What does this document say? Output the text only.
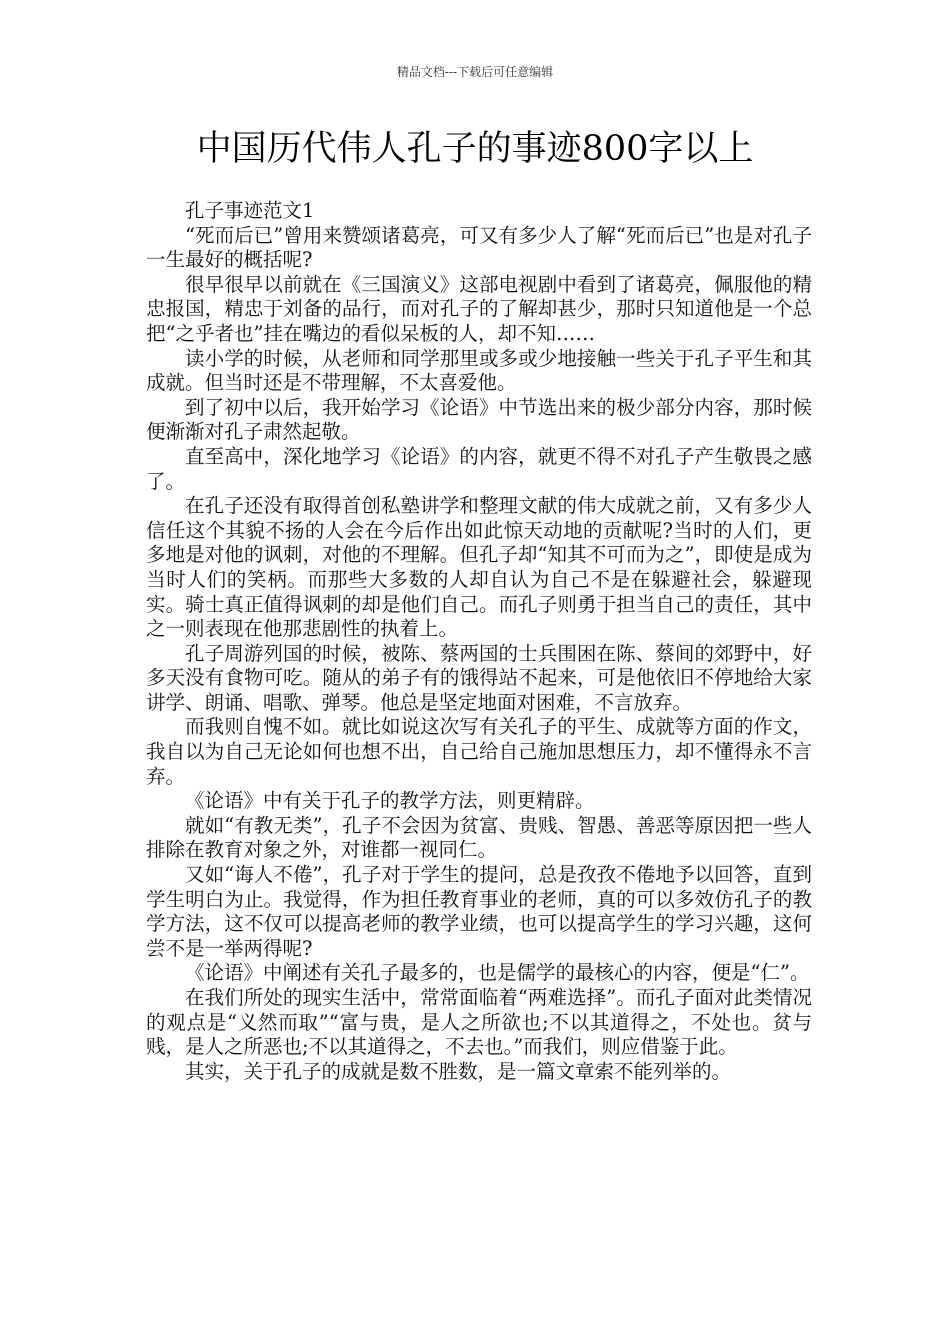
精品文档---下载后可任意编辑
中国历代伟人孔子的事迹800字以上

孔子事迹范文1

“死而后已”曾用来赞颂诸葛亮，可又有多少人了解“死而后已”也是对孔子一生最好的概括呢?

很早很早以前就在《三国演义》这部电视剧中看到了诸葛亮，佩服他的精忠报国，精忠于刘备的品行，而对孔子的了解却甚少，那时只知道他是一个总把“之乎者也”挂在嘴边的看似呆板的人，却不知……

读小学的时候，从老师和同学那里或多或少地接触一些关于孔子平生和其成就。但当时还是不带理解，不太喜爱他。

到了初中以后，我开始学习《论语》中节选出来的极少部分内容，那时候便渐渐对孔子肃然起敬。

直至高中，深化地学习《论语》的内容，就更不得不对孔子产生敬畏之感了。

在孔子还没有取得首创私塾讲学和整理文献的伟大成就之前，又有多少人信任这个其貌不扬的人会在今后作出如此惊天动地的贡献呢?当时的人们，更多地是对他的讽刺，对他的不理解。但孔子却“知其不可而为之”，即使是成为当时人们的笑柄。而那些大多数的人却自认为自己不是在躲避社会，躲避现实。骑士真正值得讽刺的却是他们自己。而孔子则勇于担当自己的责任，其中之一则表现在他那悲剧性的执着上。

孔子周游列国的时候，被陈、蔡两国的士兵围困在陈、蔡间的郊野中，好多天没有食物可吃。随从的弟子有的饿得站不起来，可是他依旧不停地给大家讲学、朗诵、唱歌、弹琴。他总是坚定地面对困难，不言放弃。

而我则自愧不如。就比如说这次写有关孔子的平生、成就等方面的作文，我自以为自己无论如何也想不出，自己给自己施加思想压力，却不懂得永不言弃。

《论语》中有关于孔子的教学方法，则更精辟。

就如“有教无类”，孔子不会因为贫富、贵贱、智愚、善恶等原因把一些人排除在教育对象之外，对谁都一视同仁。

又如“诲人不倦”，孔子对于学生的提问，总是孜孜不倦地予以回答，直到学生明白为止。我觉得，作为担任教育事业的老师，真的可以多效仿孔子的教学方法，这不仅可以提高老师的教学业绩，也可以提高学生的学习兴趣，这何尝不是一举两得呢?

《论语》中阐述有关孔子最多的，也是儒学的最核心的内容，便是“仁”。

在我们所处的现实生活中，常常面临着“两难选择”。而孔子面对此类情况的观点是“义然而取”“富与贵，是人之所欲也;不以其道得之，不处也。贫与贱，是人之所恶也;不以其道得之，不去也。”而我们，则应借鉴于此。

其实，关于孔子的成就是数不胜数，是一篇文章索不能列举的。
